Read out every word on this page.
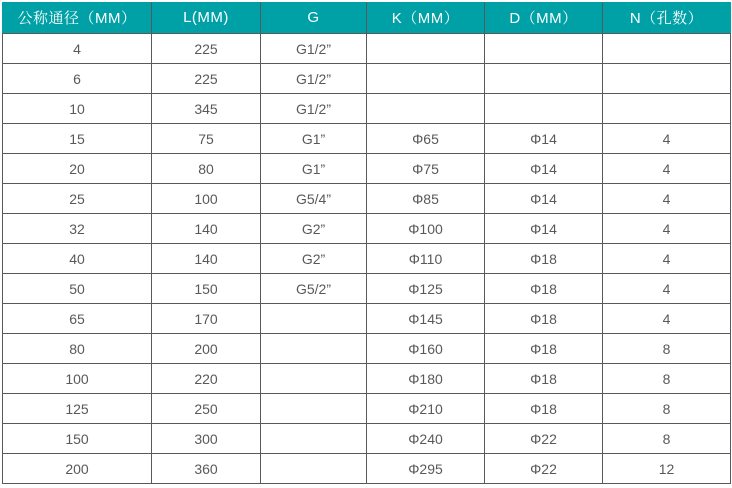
公称通径（MM）	L(MM)	G	K（MM）	D（MM）	N（孔数）
4	225	G1/2”			
6	225	G1/2”			
10	345	G1/2”			
15	75	G1”	Φ65	Φ14	4
20	80	G1”	Φ75	Φ14	4
25	100	G5/4”	Φ85	Φ14	4
32	140	G2”	Φ100	Φ14	4
40	140	G2”	Φ110	Φ18	4
50	150	G5/2”	Φ125	Φ18	4
65	170		Φ145	Φ18	4
80	200		Φ160	Φ18	8
100	220		Φ180	Φ18	8
125	250		Φ210	Φ18	8
150	300		Φ240	Φ22	8
200	360		Φ295	Φ22	12
